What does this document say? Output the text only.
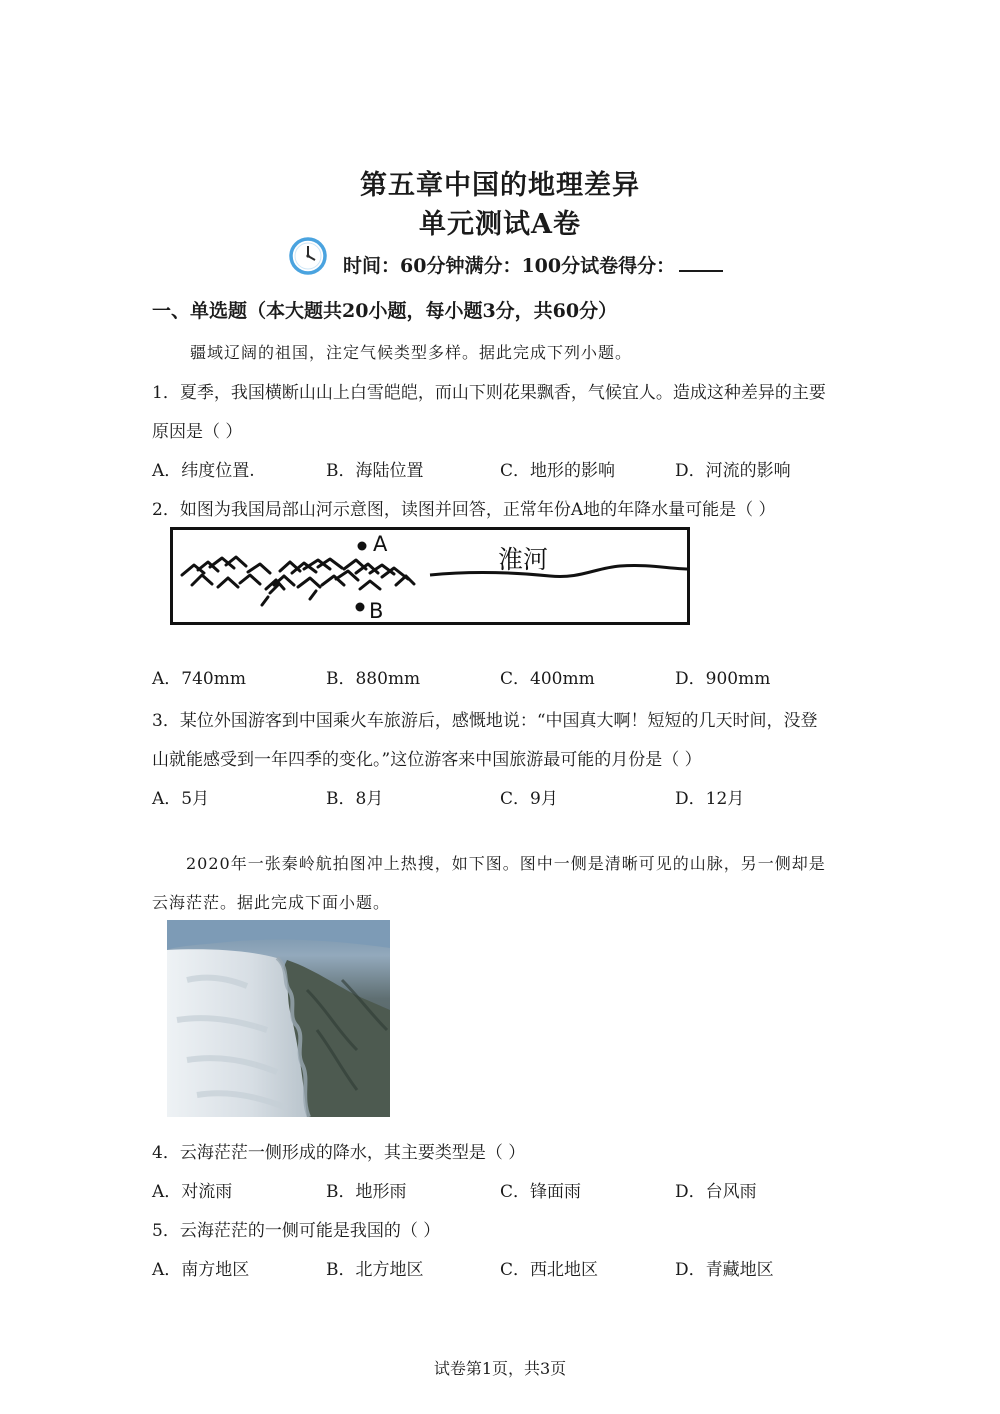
第五章中国的地理差异
单元测试A卷
时间：60分钟满分：100分试卷得分：
一、单选题（本大题共20小题，每小题3分，共60分）
疆域辽阔的祖国，注定气候类型多样。据此完成下列小题。
1．夏季，我国横断山山上白雪皑皑，而山下则花果飘香，气候宜人。造成这种差异的主要
原因是（ ）
A．纬度位置.	B．海陆位置	C．地形的影响	D．河流的影响
2．如图为我国局部山河示意图，读图并回答，正常年份A地的年降水量可能是（ ）
A
B
淮河
A．740mm	B．880mm	C．400mm	D．900mm
3．某位外国游客到中国乘火车旅游后，感慨地说：“中国真大啊！短短的几天时间，没登
山就能感受到一年四季的变化。”这位游客来中国旅游最可能的月份是（ ）
A．5月	B．8月	C．9月	D．12月
2020年一张秦岭航拍图冲上热搜，如下图。图中一侧是清晰可见的山脉，另一侧却是
云海茫茫。据此完成下面小题。
4．云海茫茫一侧形成的降水，其主要类型是（ ）
A．对流雨	B．地形雨	C．锋面雨	D．台风雨
5．云海茫茫的一侧可能是我国的（ ）
A．南方地区	B．北方地区	C．西北地区	D．青藏地区
试卷第1页，共3页
